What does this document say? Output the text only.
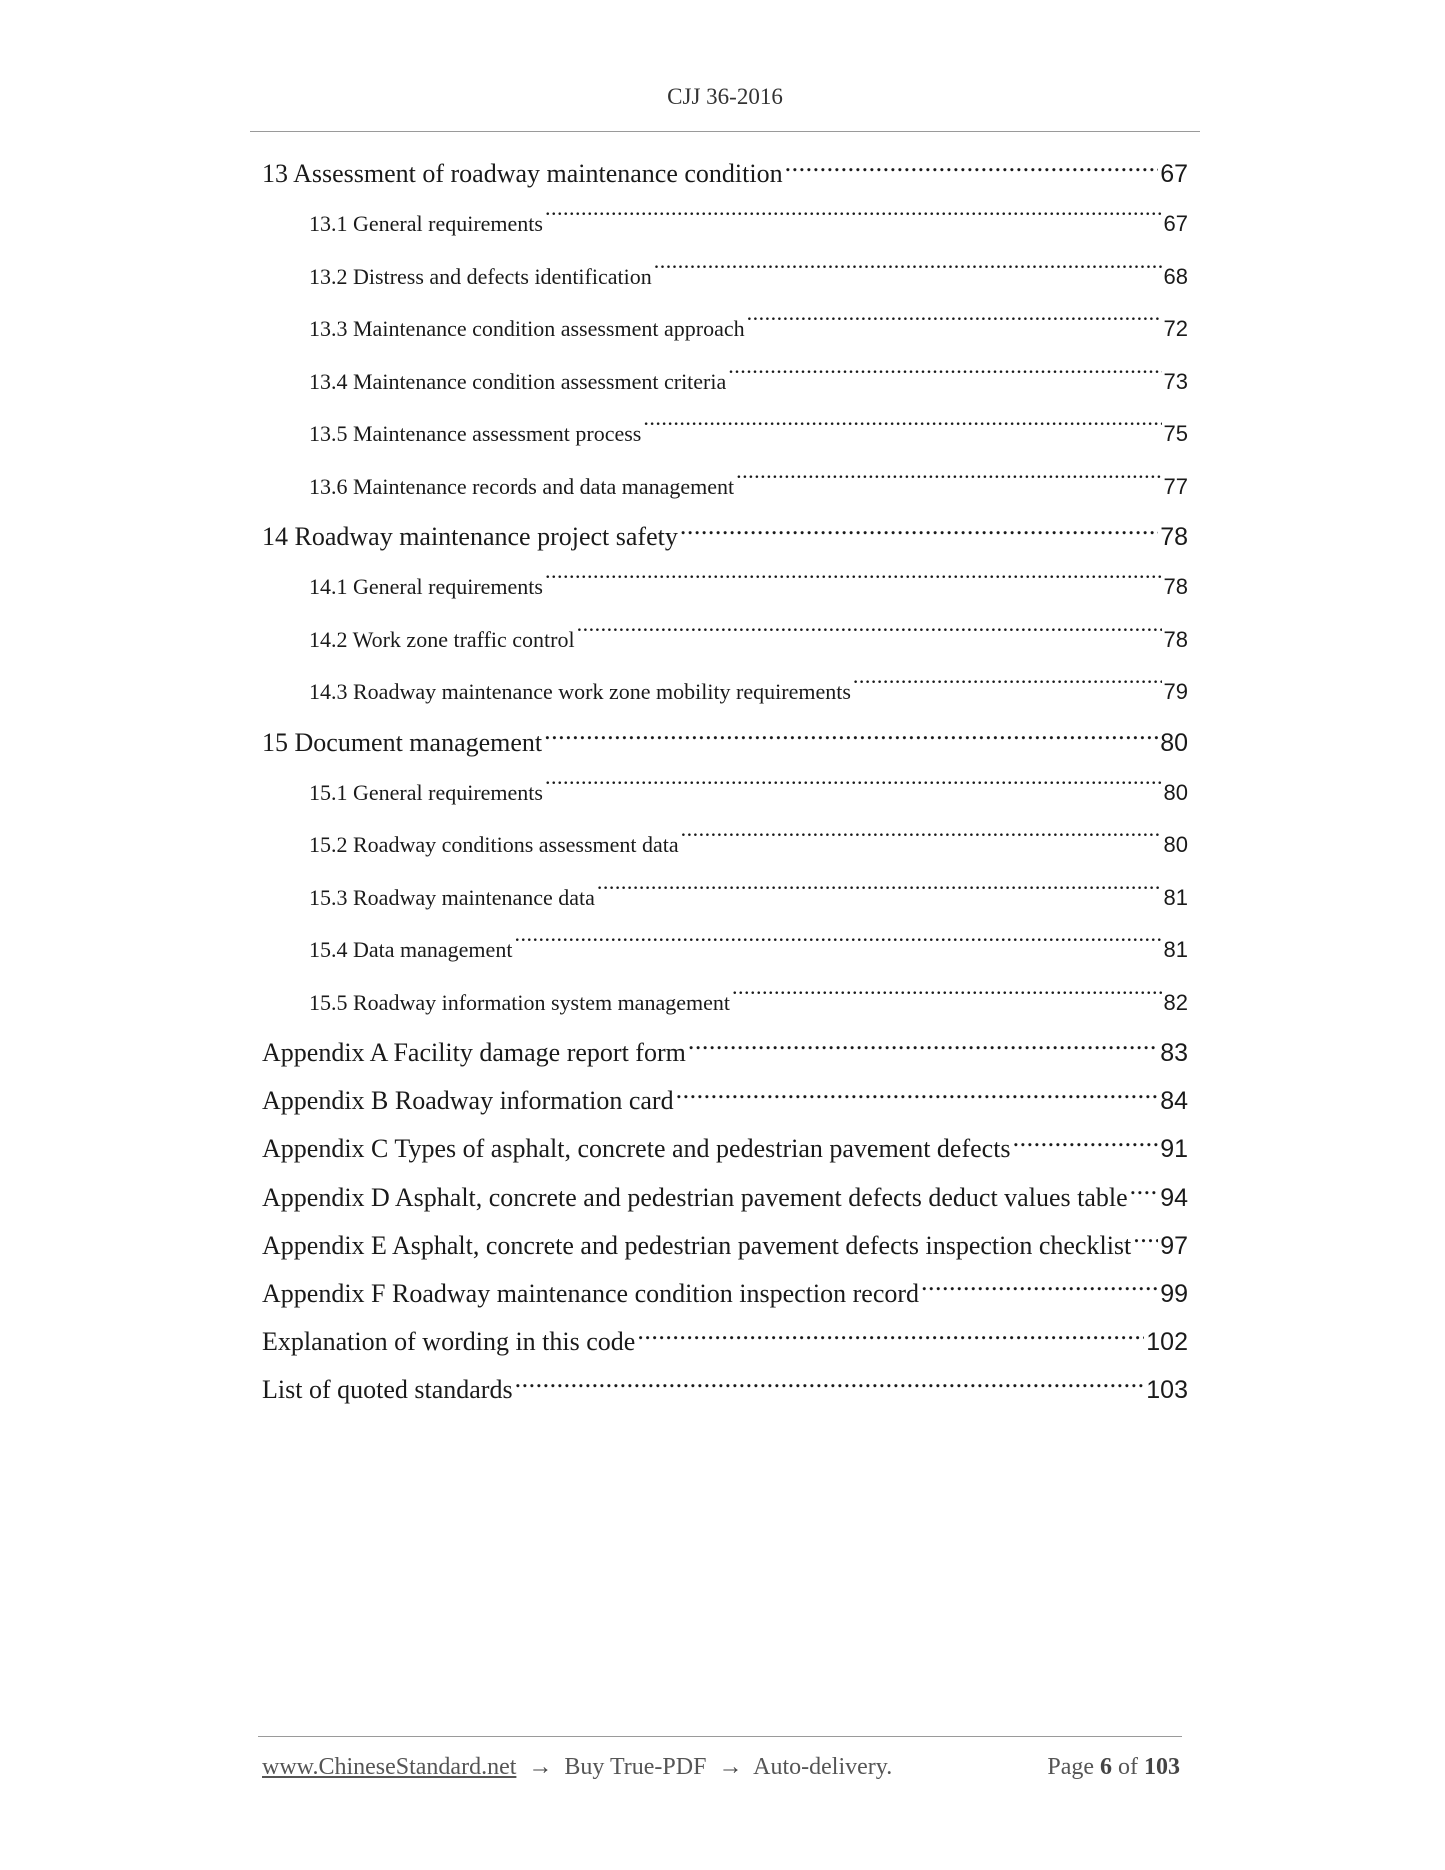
CJJ 36-2016
13 Assessment of roadway maintenance condition .....	67
13.1 General requirements .....	67
13.2 Distress and defects identification .....	68
13.3 Maintenance condition assessment approach .....	72
13.4 Maintenance condition assessment criteria .....	73
13.5 Maintenance assessment process .....	75
13.6 Maintenance records and data management .....	77
14 Roadway maintenance project safety .....	78
14.1 General requirements .....	78
14.2 Work zone traffic control .....	78
14.3 Roadway maintenance work zone mobility requirements .....	79
15 Document management .....	80
15.1 General requirements .....	80
15.2 Roadway conditions assessment data .....	80
15.3 Roadway maintenance data .....	81
15.4 Data management .....	81
15.5 Roadway information system management .....	82
Appendix A Facility damage report form .....	83
Appendix B Roadway information card .....	84
Appendix C Types of asphalt, concrete and pedestrian pavement defects .....	91
Appendix D Asphalt, concrete and pedestrian pavement defects deduct values table ..... 94
Appendix E Asphalt, concrete and pedestrian pavement defects inspection checklist ..... 97
Appendix F Roadway maintenance condition inspection record .....	99
Explanation of wording in this code .....	102
List of quoted standards .....	103
www.ChineseStandard.net → Buy True-PDF → Auto-delivery.	Page 6 of 103
